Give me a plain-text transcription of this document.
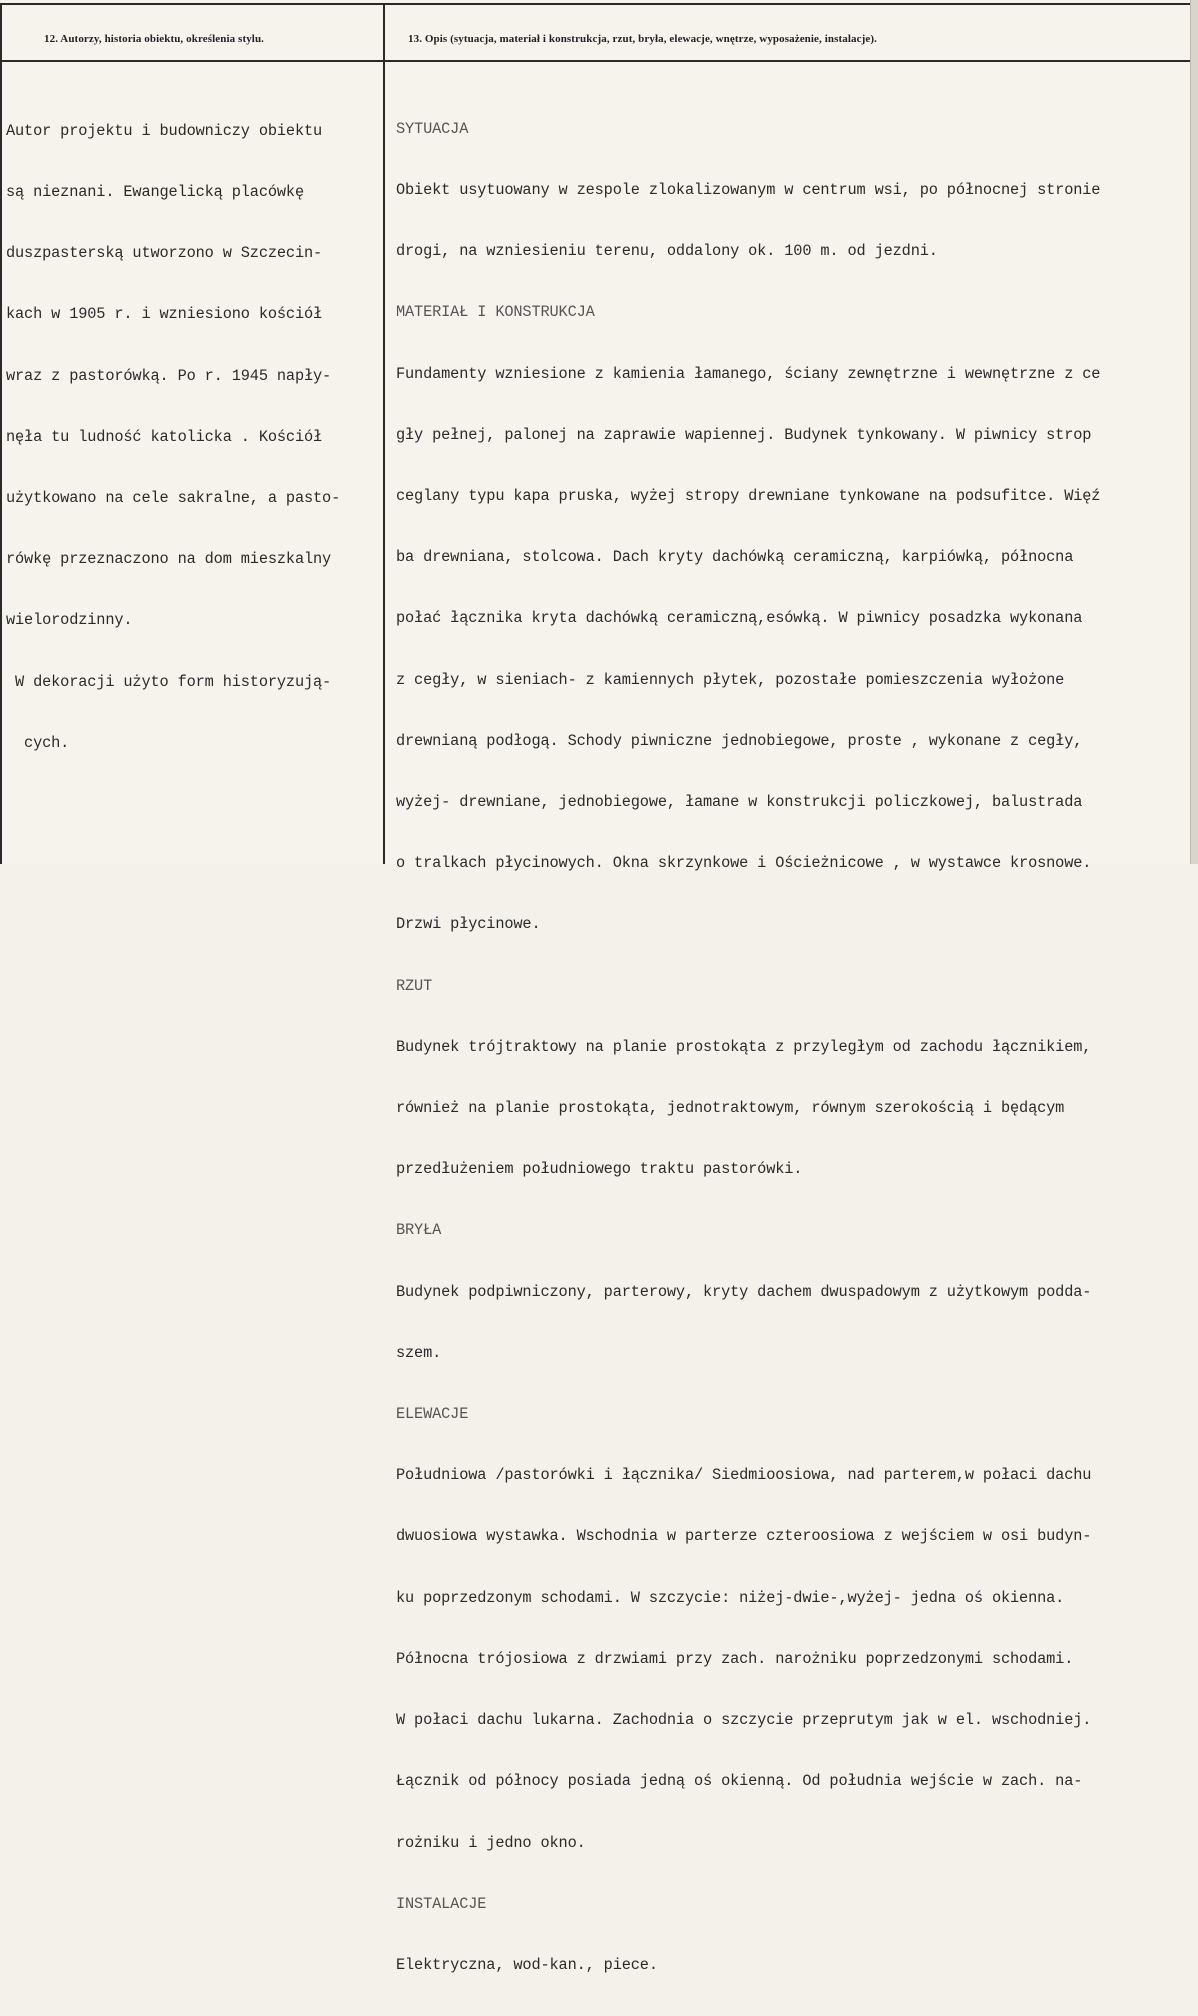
12. Autorzy, historia obiektu, określenia stylu.	13. Opis (sytuacja, materiał i konstrukcja, rzut, bryła, elewacje, wnętrze, wyposażenie, instalacje).

Autor projektu i budowniczy obiektu

są nieznani. Ewangelicką placówkę

duszpasterską utworzono w Szczecin-

kach w 1905 r. i wzniesiono kościół

wraz z pastorówką. Po r. 1945 napły-

nęła tu ludność katolicka . Kościół

użytkowano na cele sakralne, a pasto-

rówkę przeznaczono na dom mieszkalny

wielorodzinny.

W dekoracji użyto form historyzują-

cych.

SYTUACJA

Obiekt usytuowany w zespole zlokalizowanym w centrum wsi, po północnej stronie

drogi, na wzniesieniu terenu, oddalony ok. 100 m. od jezdni.

MATERIAŁ I KONSTRUKCJA

Fundamenty wzniesione z kamienia łamanego, ściany zewnętrzne i wewnętrzne z ce

gły pełnej, palonej na zaprawie wapiennej. Budynek tynkowany. W piwnicy strop

ceglany typu kapa pruska, wyżej stropy drewniane tynkowane na podsufitce. Więź

ba drewniana, stolcowa. Dach kryty dachówką ceramiczną, karpiówką, północna

połać łącznika kryta dachówką ceramiczną,esówką. W piwnicy posadzka wykonana

z cegły, w sieniach- z kamiennych płytek, pozostałe pomieszczenia wyłożone

drewnianą podłogą. Schody piwniczne jednobiegowe, proste , wykonane z cegły,

wyżej- drewniane, jednobiegowe, łamane w konstrukcji policzkowej, balustrada

o tralkach płycinowych. Okna skrzynkowe i Ościeżnicowe , w wystawce krosnowe.

Drzwi płycinowe.

RZUT

Budynek trójtraktowy na planie prostokąta z przyległym od zachodu łącznikiem,

również na planie prostokąta, jednotraktowym, równym szerokością i będącym

przedłużeniem południowego traktu pastorówki.

BRYŁA

Budynek podpiwniczony, parterowy, kryty dachem dwuspadowym z użytkowym podda-

szem.

ELEWACJE

Południowa /pastorówki i łącznika/ Siedmioosiowa, nad parterem,w połaci dachu

dwuosiowa wystawka. Wschodnia w parterze czteroosiowa z wejściem w osi budyn-

ku poprzedzonym schodami. W szczycie: niżej-dwie-,wyżej- jedna oś okienna.

Północna trójosiowa z drzwiami przy zach. narożniku poprzedzonymi schodami.

W połaci dachu lukarna. Zachodnia o szczycie przeprutym jak w el. wschodniej.

Łącznik od północy posiada jedną oś okienną. Od południa wejście w zach. na-

rożniku i jedno okno.

INSTALACJE

Elektryczna, wod-kan., piece.
